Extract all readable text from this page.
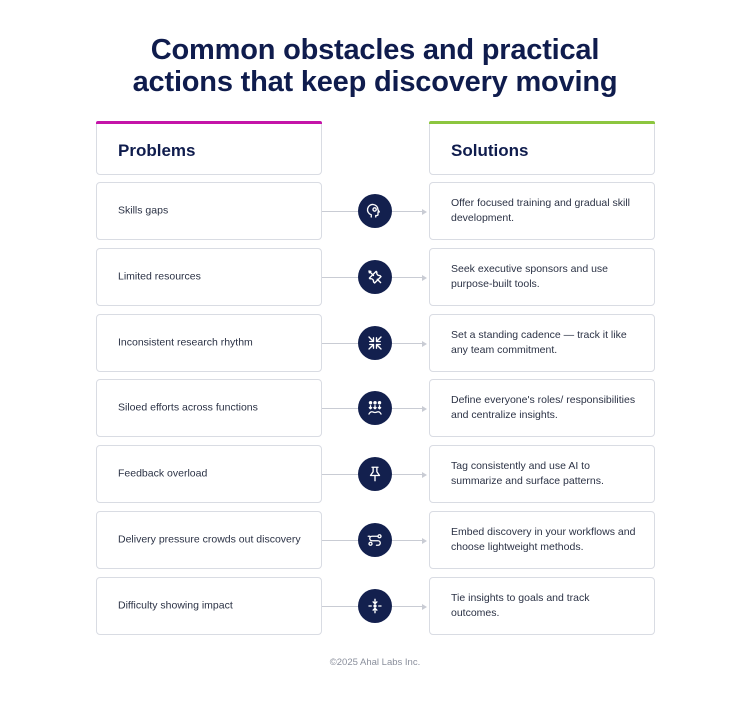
Common obstacles and practical
actions that keep discovery moving
Problems	Solutions
Skills gaps
Offer focused training and gradual skill development.
Limited resources
Seek executive sponsors and use purpose-built tools.
Inconsistent research rhythm
Set a standing cadence — track it like any team commitment.
Siloed efforts across functions
Define everyone's roles/ responsibilities and centralize insights.
Feedback overload
Tag consistently and use AI to summarize and surface patterns.
Delivery pressure crowds out discovery
Embed discovery in your workflows and choose lightweight methods.
Difficulty showing impact
Tie insights to goals and track outcomes.
©2025 Ahal Labs Inc.
